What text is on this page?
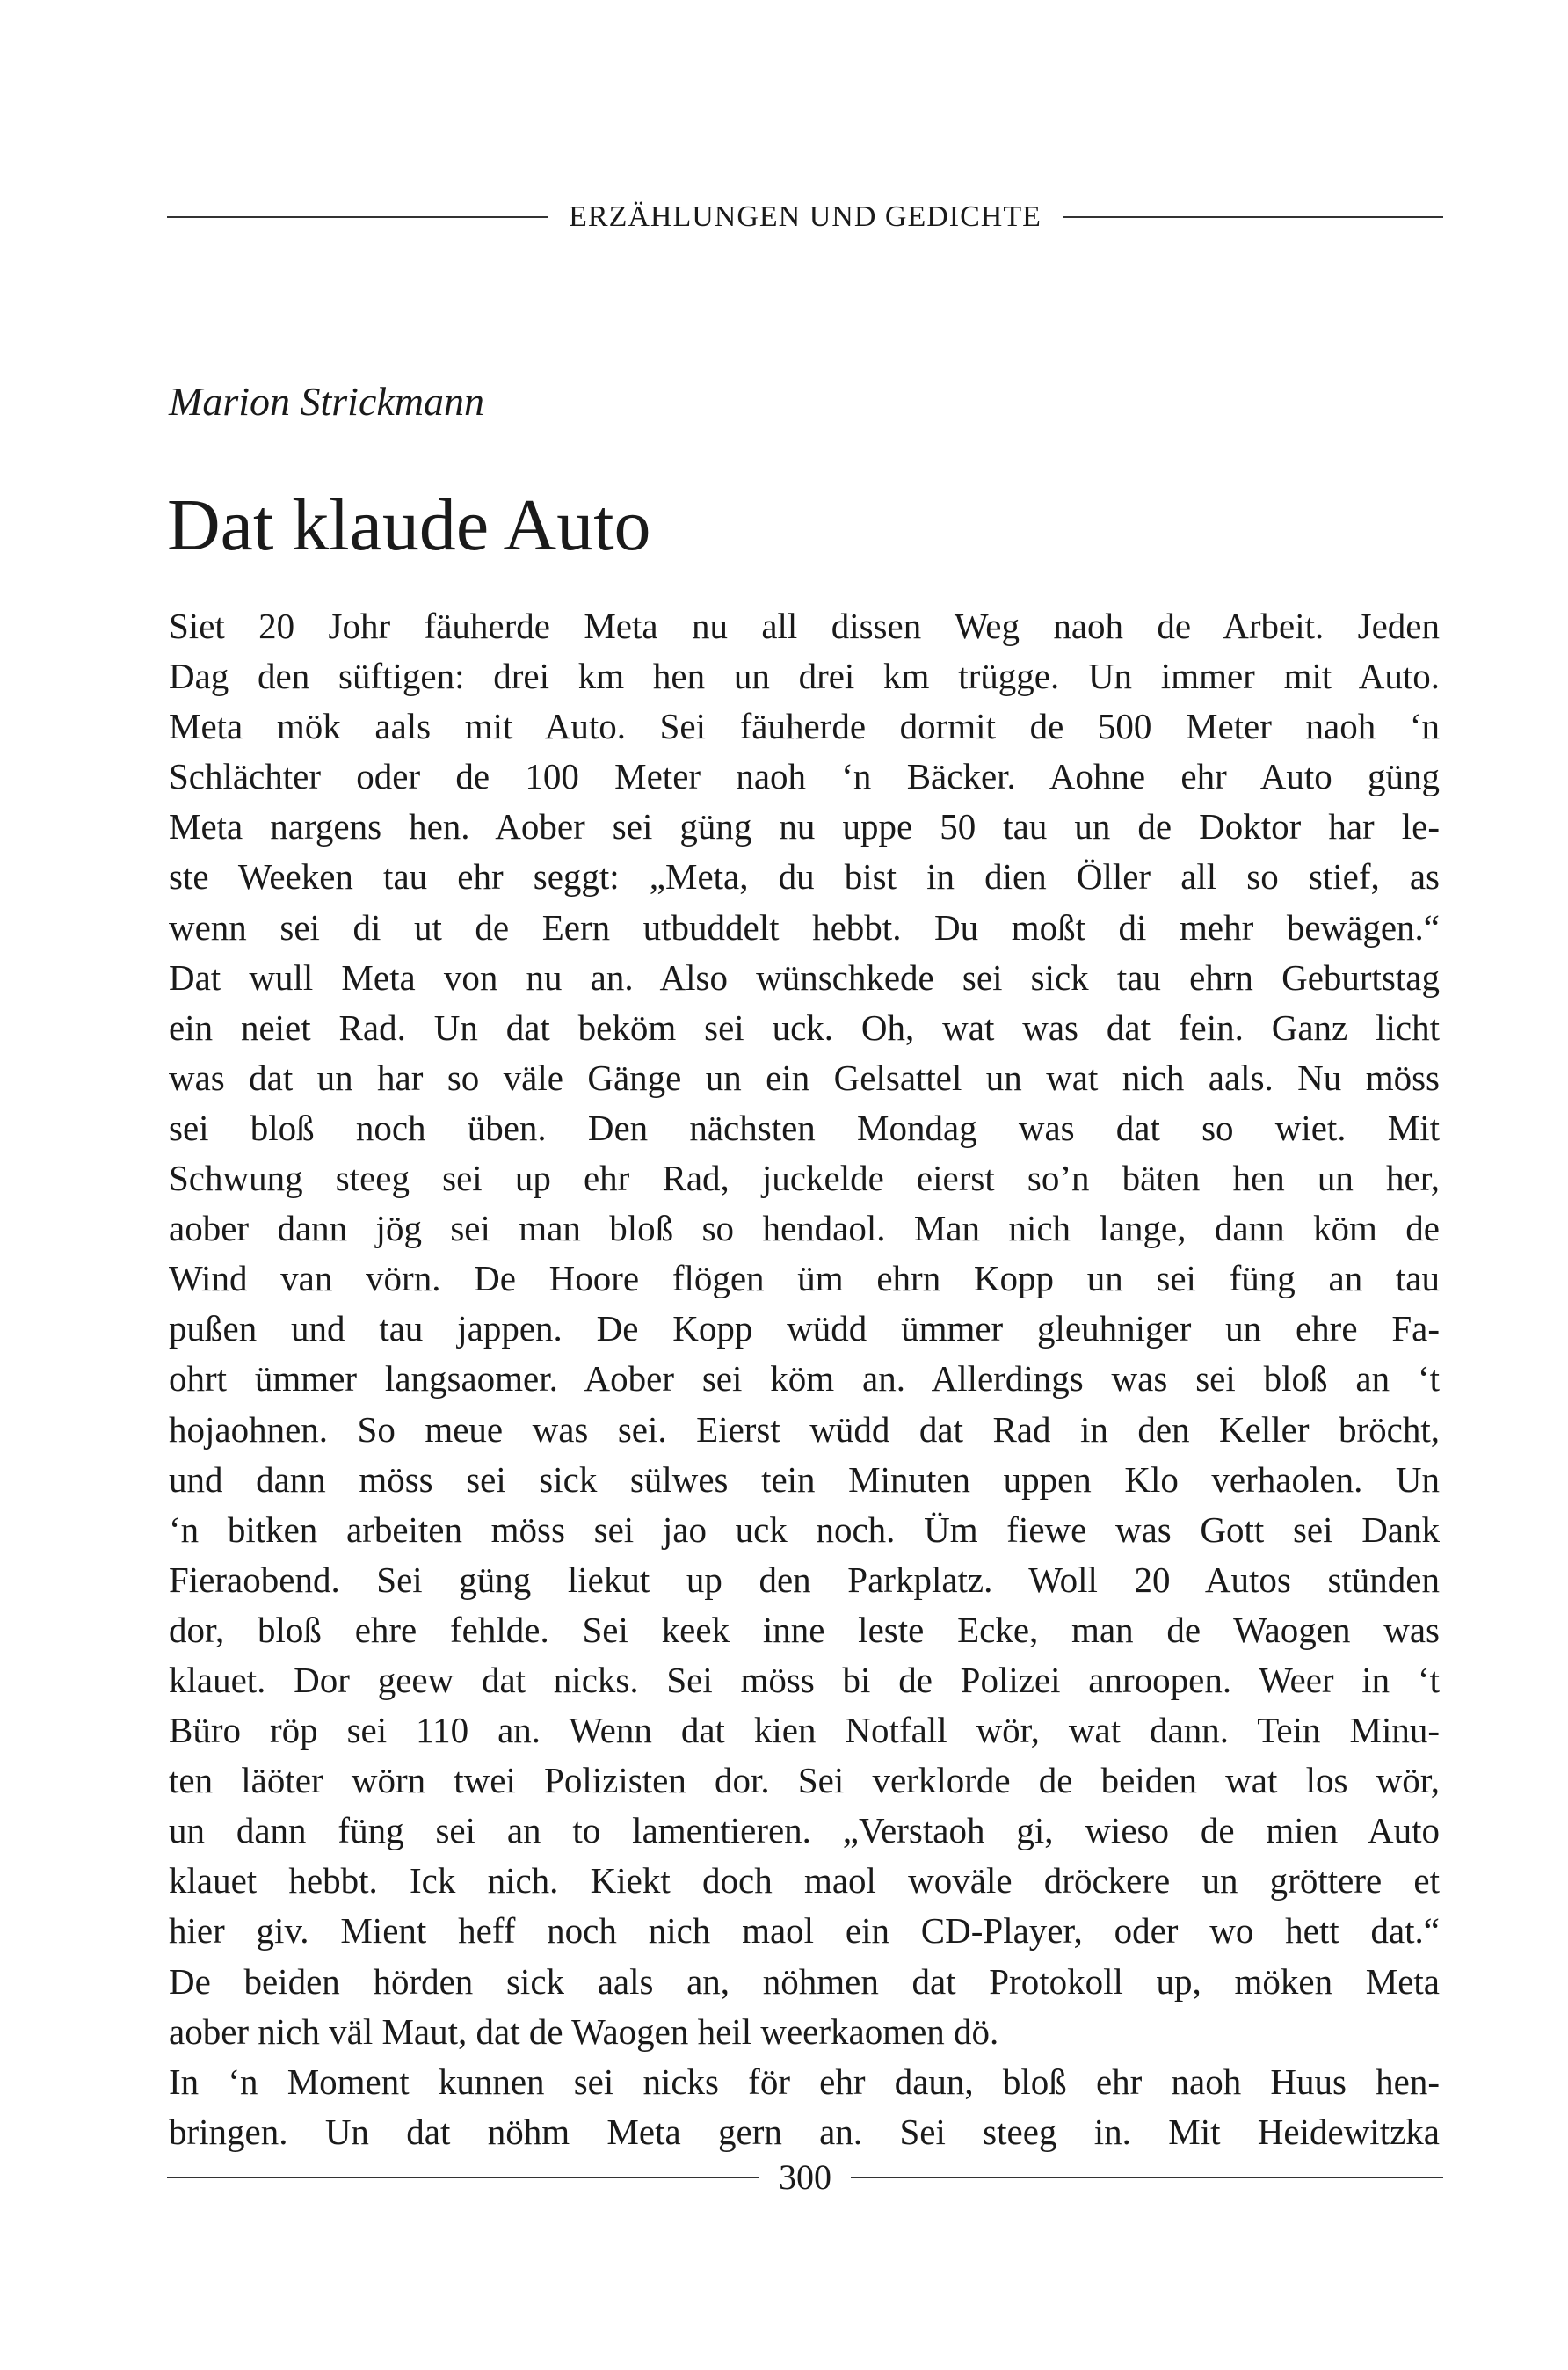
ERZÄHLUNGEN UND GEDICHTE
Marion Strickmann
Dat klaude Auto
Siet 20 Johr fäuherde Meta nu all dissen Weg naoh de Arbeit. Jeden
Dag den süftigen: drei km hen un drei km trügge. Un immer mit Auto.
Meta mök aals mit Auto. Sei fäuherde dormit de 500 Meter naoh ‘n
Schlächter oder de 100 Meter naoh ‘n Bäcker. Aohne ehr Auto güng
Meta nargens hen. Aober sei güng nu uppe 50 tau un de Doktor har le-
ste Weeken tau ehr seggt: „Meta, du bist in dien Öller all so stief, as
wenn sei di ut de Eern utbuddelt hebbt. Du moßt di mehr bewägen.“
Dat wull Meta von nu an. Also wünschkede sei sick tau ehrn Geburtstag
ein neiet Rad. Un dat beköm sei uck. Oh, wat was dat fein. Ganz licht
was dat un har so väle Gänge un ein Gelsattel un wat nich aals. Nu möss
sei bloß noch üben. Den nächsten Mondag was dat so wiet. Mit
Schwung steeg sei up ehr Rad, juckelde eierst so’n bäten hen un her,
aober dann jög sei man bloß so hendaol. Man nich lange, dann köm de
Wind van vörn. De Hoore flögen üm ehrn Kopp un sei füng an tau
pußen und tau jappen. De Kopp wüdd ümmer gleuhniger un ehre Fa-
ohrt ümmer langsaomer. Aober sei köm an. Allerdings was sei bloß an ‘t
hojaohnen. So meue was sei. Eierst wüdd dat Rad in den Keller bröcht,
und dann möss sei sick sülwes tein Minuten uppen Klo verhaolen. Un
‘n bitken arbeiten möss sei jao uck noch. Üm fiewe was Gott sei Dank
Fieraobend. Sei güng liekut up den Parkplatz. Woll 20 Autos stünden
dor, bloß ehre fehlde. Sei keek inne leste Ecke, man de Waogen was
klauet. Dor geew dat nicks. Sei möss bi de Polizei anroopen. Weer in ‘t
Büro röp sei 110 an. Wenn dat kien Notfall wör, wat dann. Tein Minu-
ten läöter wörn twei Polizisten dor. Sei verklorde de beiden wat los wör,
un dann füng sei an to lamentieren. „Verstaoh gi, wieso de mien Auto
klauet hebbt. Ick nich. Kiekt doch maol woväle dröckere un gröttere et
hier giv. Mient heff noch nich maol ein CD-Player, oder wo hett dat.“
De beiden hörden sick aals an, nöhmen dat Protokoll up, möken Meta
aober nich väl Maut, dat de Waogen heil weerkaomen dö.
In ‘n Moment kunnen sei nicks för ehr daun, bloß ehr naoh Huus hen-
bringen. Un dat nöhm Meta gern an. Sei steeg in. Mit Heidewitzka
300
